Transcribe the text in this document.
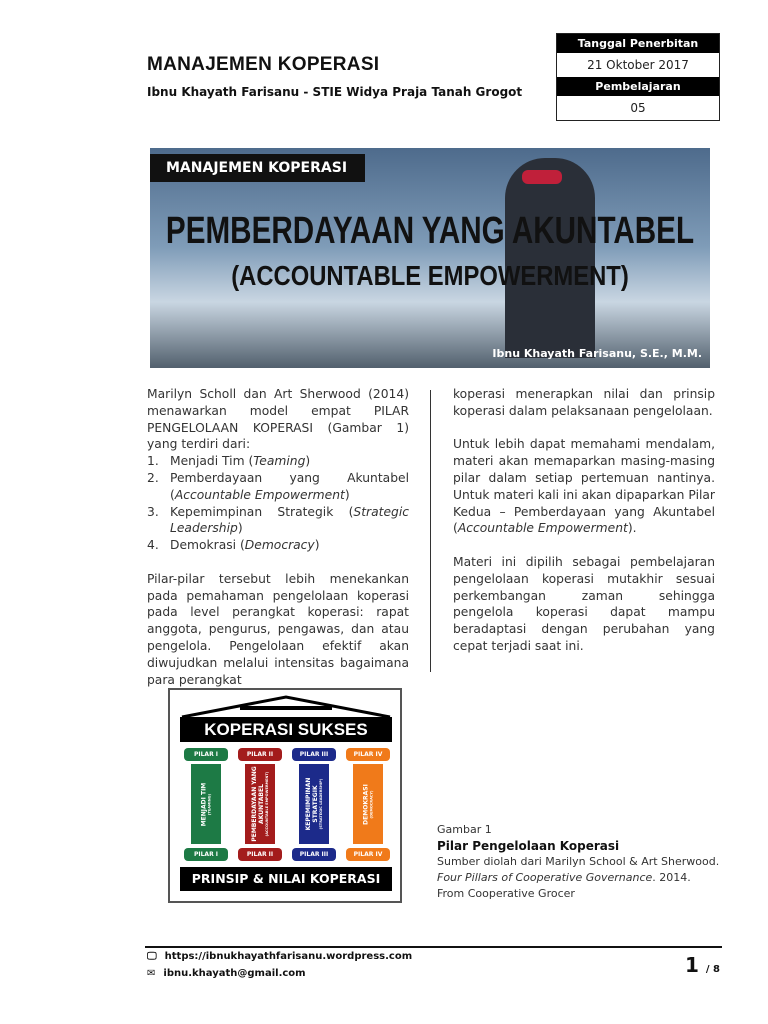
MANAJEMEN KOPERASI
Ibnu Khayath Farisanu - STIE Widya Praja Tanah Grogot
Tanggal Penerbitan
21 Oktober 2017
Pembelajaran
05
MANAJEMEN KOPERASI
PEMBERDAYAAN YANG AKUNTABEL
(ACCOUNTABLE EMPOWERMENT)
Ibnu Khayath Farisanu, S.E., M.M.

Marilyn Scholl dan Art Sherwood (2014) menawarkan model empat PILAR PENGELOLAAN KOPERASI (Gambar 1) yang terdiri dari:

1. Menjadi Tim (Teaming)
2. Pemberdayaan yang Akuntabel (Accountable Empowerment)
3. Kepemimpinan Strategik (Strategic Leadership)
4. Demokrasi (Democracy)

Pilar-pilar tersebut lebih menekankan pada pemahaman pengelolaan koperasi pada level perangkat koperasi: rapat anggota, pengurus, pengawas, dan atau pengelola. Pengelolaan efektif akan diwujudkan melalui intensitas bagaimana para perangkat

koperasi menerapkan nilai dan prinsip koperasi dalam pelaksanaan pengelolaan.

Untuk lebih dapat memahami mendalam, materi akan memaparkan masing-masing pilar dalam setiap pertemuan nantinya. Untuk materi kali ini akan dipaparkan Pilar Kedua – Pemberdayaan yang Akuntabel (Accountable Empowerment).

Materi ini dipilih sebagai pembelajaran pengelolaan koperasi mutakhir sesuai perkembangan zaman sehingga pengelola koperasi dapat mampu beradaptasi dengan perubahan yang cepat terjadi saat ini.

KOPERASI SUKSES
PILAR I
MENJADI TIM (TEAMING)
PILAR I
PILAR II
PEMBERDAYAAN YANG AKUNTABEL (ACCOUNTABLE EMPOWERMENT)
PILAR II
PILAR III
KEPEMIMPINAN STRATEGIK (STRATEGIC LEADERSHIP)
PILAR III
PILAR IV
DEMOKRASI (DEMOCRACY)
PILAR IV
PRINSIP & NILAI KOPERASI
Gambar 1
Pilar Pengelolaan Koperasi
Sumber diolah dari Marilyn School & Art Sherwood.
Four Pillars of Cooperative Governance. 2014. From Cooperative Grocer
🖵 https://ibnukhayathfarisanu.wordpress.com
✉ ibnu.khayath@gmail.com	1 / 8
